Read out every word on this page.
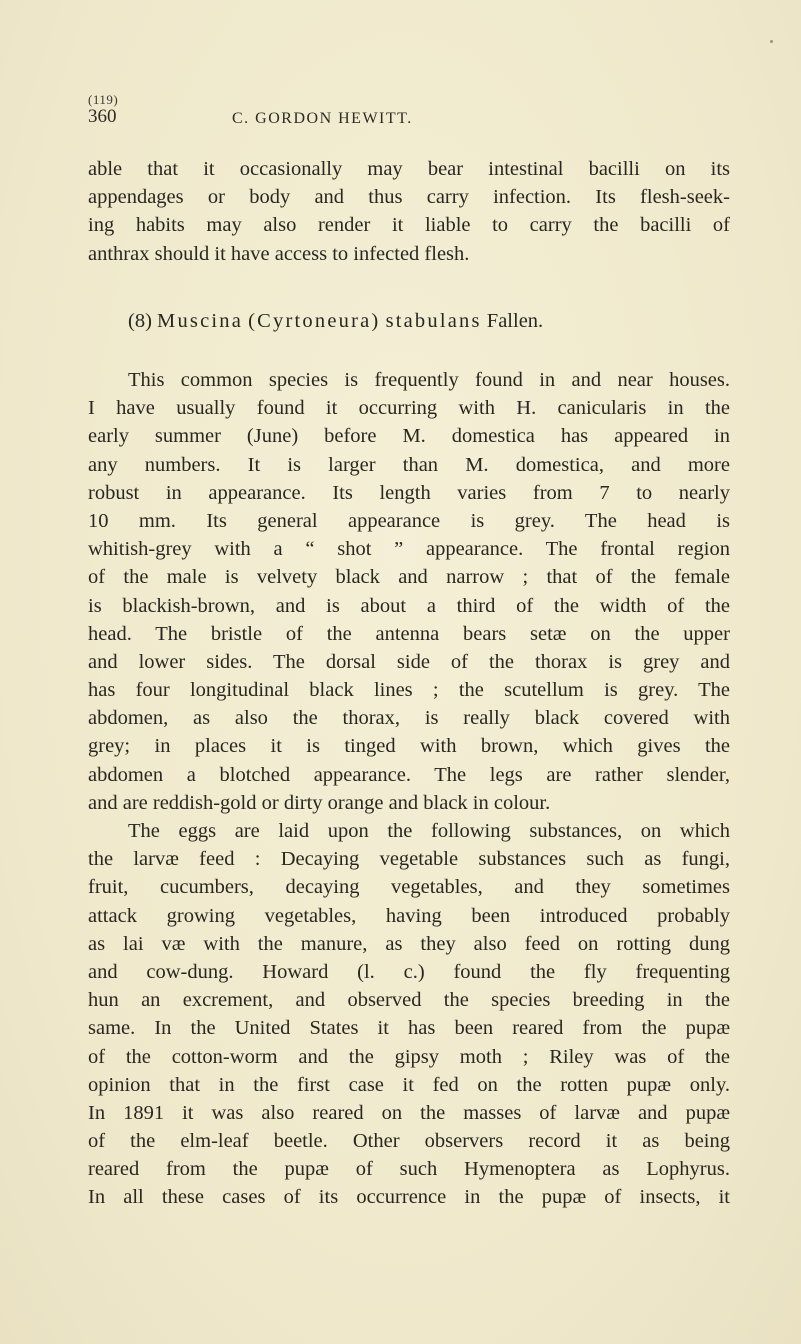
(119)
360	C. GORDON HEWITT.
able that it occasionally may bear intestinal bacilli on its
appendages or body and thus carry infection. Its flesh-seek-
ing habits may also render it liable to carry the bacilli of
anthrax should it have access to infected flesh.
(8) Muscina (Cyrtoneura) stabulans Fallen.
This common species is frequently found in and near houses.
I have usually found it occurring with H. canicularis in the
early summer (June) before M. domestica has appeared in
any numbers. It is larger than M. domestica, and more
robust in appearance. Its length varies from 7 to nearly
10 mm. Its general appearance is grey. The head is
whitish-grey with a “ shot ” appearance. The frontal region
of the male is velvety black and narrow ; that of the female
is blackish-brown, and is about a third of the width of the
head. The bristle of the antenna bears setæ on the upper
and lower sides. The dorsal side of the thorax is grey and
has four longitudinal black lines ; the scutellum is grey. The
abdomen, as also the thorax, is really black covered with
grey; in places it is tinged with brown, which gives the
abdomen a blotched appearance. The legs are rather slender,
and are reddish-gold or dirty orange and black in colour.
The eggs are laid upon the following substances, on which
the larvæ feed : Decaying vegetable substances such as fungi,
fruit, cucumbers, decaying vegetables, and they sometimes
attack growing vegetables, having been introduced probably
as lai væ with the manure, as they also feed on rotting dung
and cow-dung. Howard (l. c.) found the fly frequenting
hun an excrement, and observed the species breeding in the
same. In the United States it has been reared from the pupæ
of the cotton-worm and the gipsy moth ; Riley was of the
opinion that in the first case it fed on the rotten pupæ only.
In 1891 it was also reared on the masses of larvæ and pupæ
of the elm-leaf beetle. Other observers record it as being
reared from the pupæ of such Hymenoptera as Lophyrus.
In all these cases of its occurrence in the pupæ of insects, it
